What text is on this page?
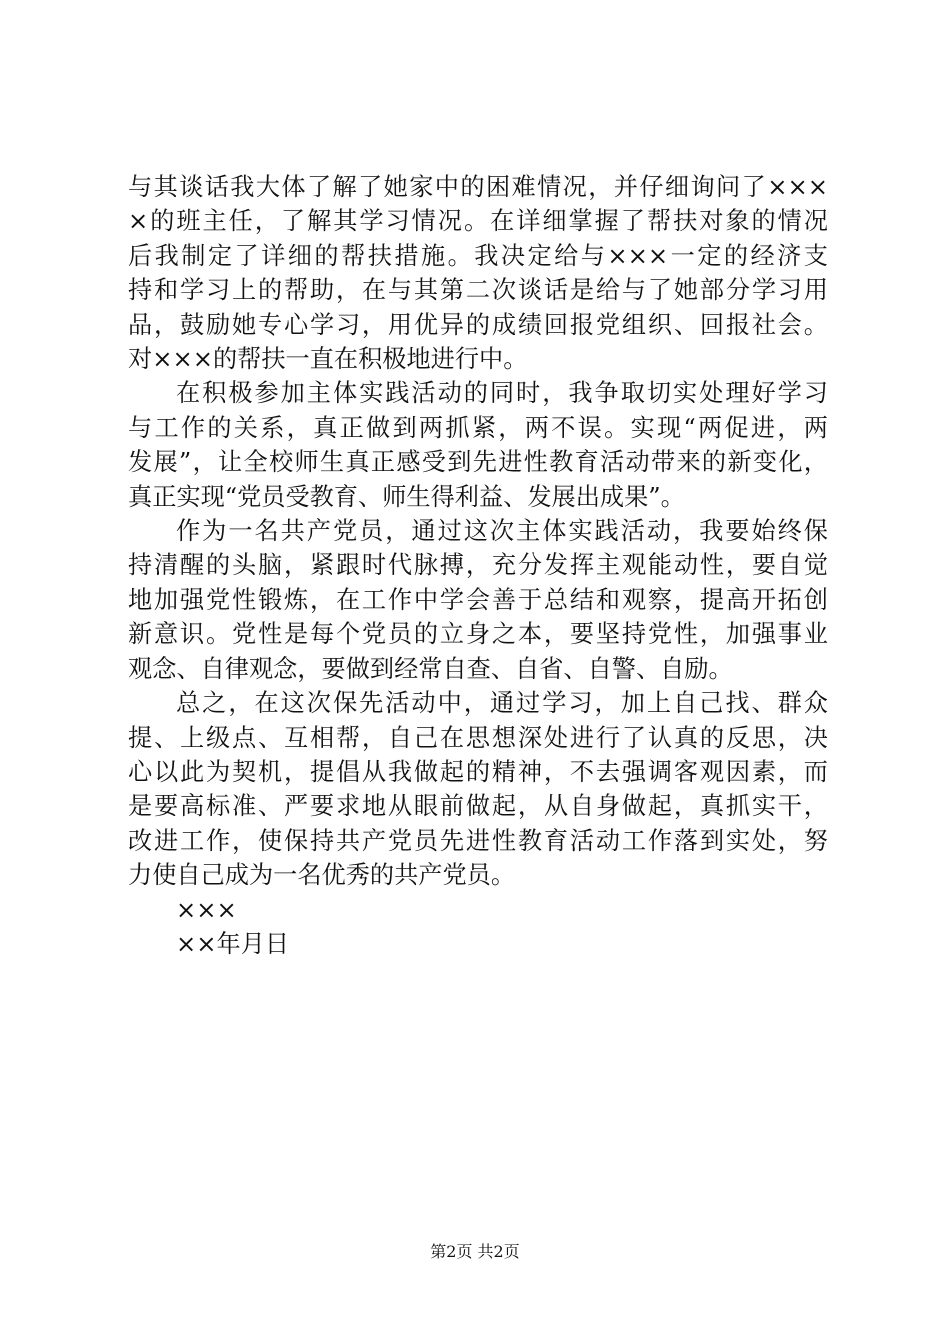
与其谈话我大体了解了她家中的困难情况，并仔细询问了×××
×的班主任，了解其学习情况。在详细掌握了帮扶对象的情况
后我制定了详细的帮扶措施。我决定给与×××一定的经济支
持和学习上的帮助，在与其第二次谈话是给与了她部分学习用
品，鼓励她专心学习，用优异的成绩回报党组织、回报社会。
对×××的帮扶一直在积极地进行中。
在积极参加主体实践活动的同时，我争取切实处理好学习
与工作的关系，真正做到两抓紧，两不误。实现“两促进，两
发展”，让全校师生真正感受到先进性教育活动带来的新变化，
真正实现“党员受教育、师生得利益、发展出成果”。
作为一名共产党员，通过这次主体实践活动，我要始终保
持清醒的头脑，紧跟时代脉搏，充分发挥主观能动性，要自觉
地加强党性锻炼，在工作中学会善于总结和观察，提高开拓创
新意识。党性是每个党员的立身之本，要坚持党性，加强事业
观念、自律观念，要做到经常自查、自省、自警、自励。
总之，在这次保先活动中，通过学习，加上自己找、群众
提、上级点、互相帮，自己在思想深处进行了认真的反思，决
心以此为契机，提倡从我做起的精神，不去强调客观因素，而
是要高标准、严要求地从眼前做起，从自身做起，真抓实干，
改进工作，使保持共产党员先进性教育活动工作落到实处，努
力使自己成为一名优秀的共产党员。
×××
××年月日
第2页 共2页
